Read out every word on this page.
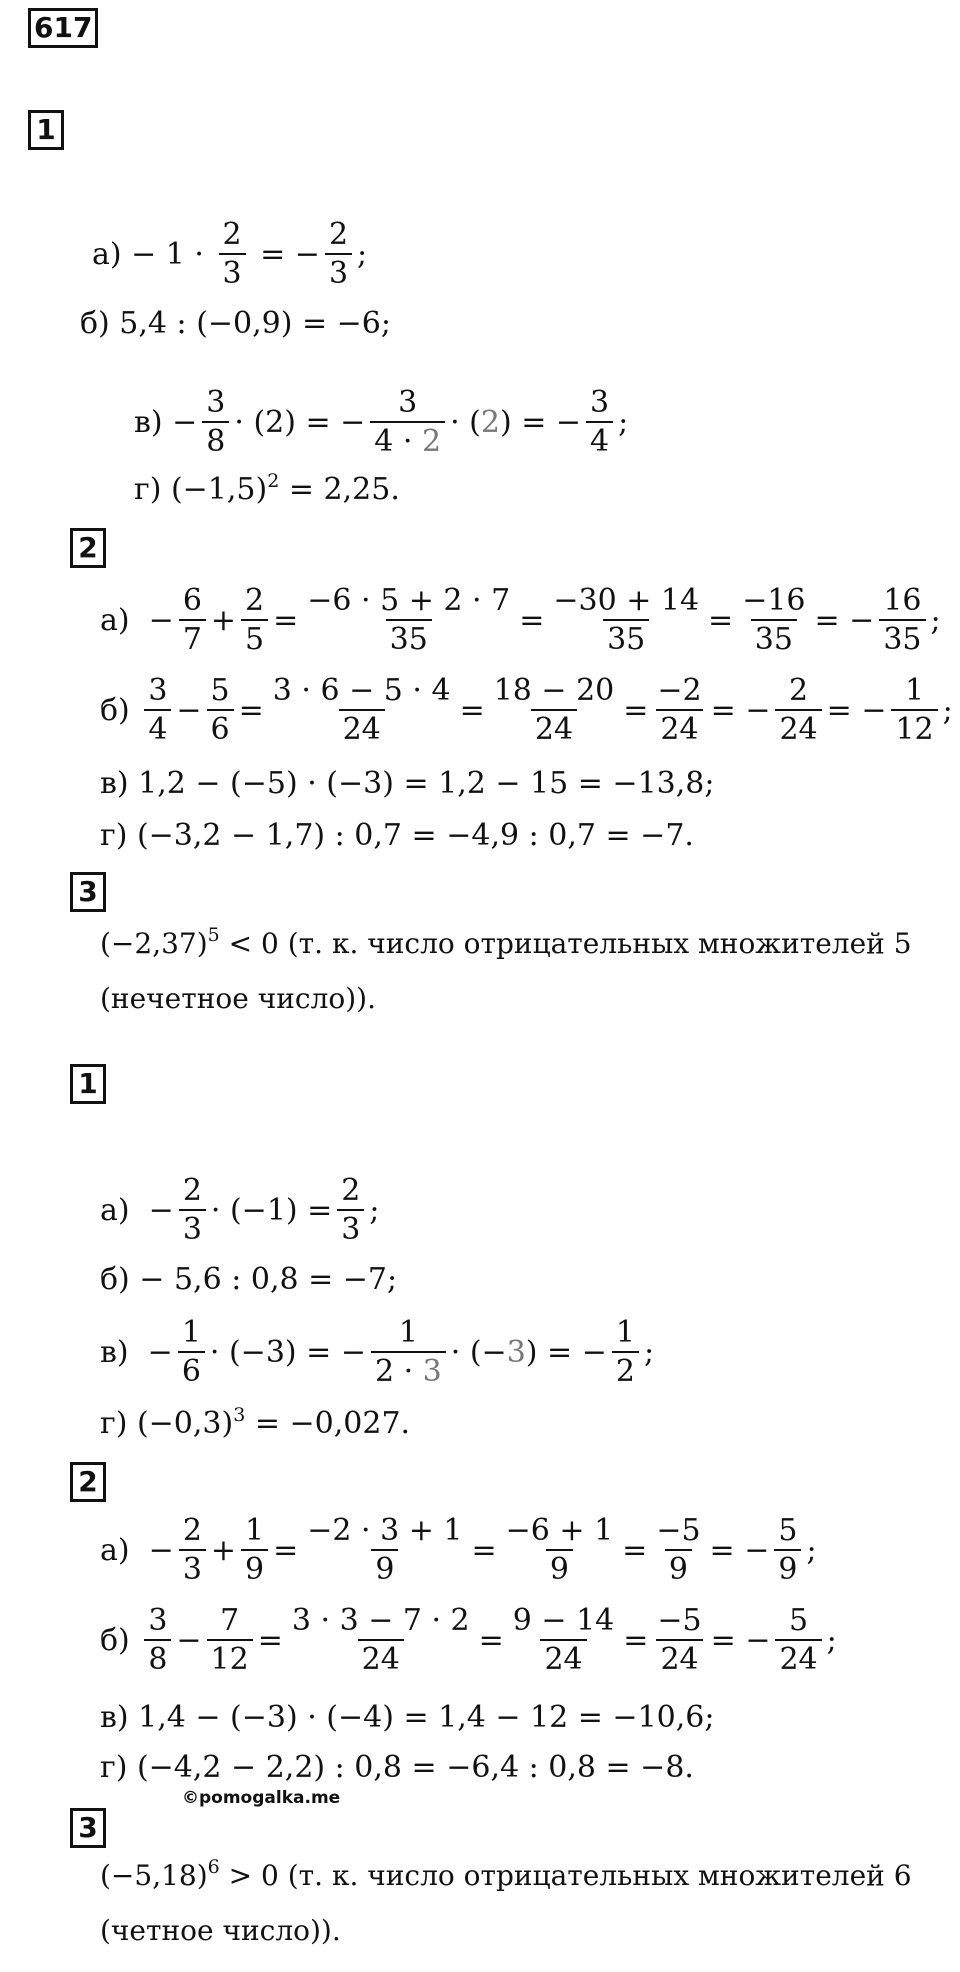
617
1
$а) - 1 \cdot \frac{2}{3}$ = − $\frac{2}{3}$ ;
б) 5,4 : (−0,9) = −6;
$в) - \frac{3}{8} \cdot (2)$ = − $\frac{3}{4 \cdot 2}$ · ( 2 ) = − $\frac{3}{4}$ ;
г) $(-1,5)^2 = 2,25$.
2
$а) - \frac{6}{7} + \frac{2}{5} = \frac{-6 \cdot 5 + 2 \cdot 7}{35} = \frac{-30 + 14}{35} = \frac{-16}{35}$ = − $\frac{16}{35}$ ;
$б) \frac{3}{4} - \frac{5}{6} = \frac{3 \cdot 6 - 5 \cdot 4}{24} = \frac{18 - 20}{24} = \frac{-2}{24}$ = − $\frac{2}{24}$ = − $\frac{1}{12}$ ;
в) 1,2 − (−5) · (−3) = 1,2 − 15 = −13,8;
г) (−3,2 − 1,7) : 0,7 = −4,9 : 0,7 = −7.
3
$(-2,37)^5 < 0$ (т. к. число отрицательных множителей 5
(нечетное число)).
1
$а) - \frac{2}{3} \cdot (-1) = \frac{2}{3}$ ;
б) − 5,6 : 0,8 = −7;
$в) - \frac{1}{6} \cdot (-3)$ = − $\frac{1}{2 \cdot 3}$ · (− 3 ) = − $\frac{1}{2}$ ;
г) $(-0,3)^3 = -0,027$.
2
$а) - \frac{2}{3} + \frac{1}{9} = \frac{-2 \cdot 3 + 1}{9} = \frac{-6 + 1}{9} = \frac{-5}{9}$ = − $\frac{5}{9}$ ;
$б) \frac{3}{8} - \frac{7}{12} = \frac{3 \cdot 3 - 7 \cdot 2}{24} = \frac{9 - 14}{24} = \frac{-5}{24}$ = − $\frac{5}{24}$ ;
в) 1,4 − (−3) · (−4) = 1,4 − 12 = −10,6;
г) (−4,2 − 2,2) : 0,8 = −6,4 : 0,8 = −8.
©pomogalka.me
3
$(-5,18)^6 > 0$ (т. к. число отрицательных множителей 6
(четное число)).
